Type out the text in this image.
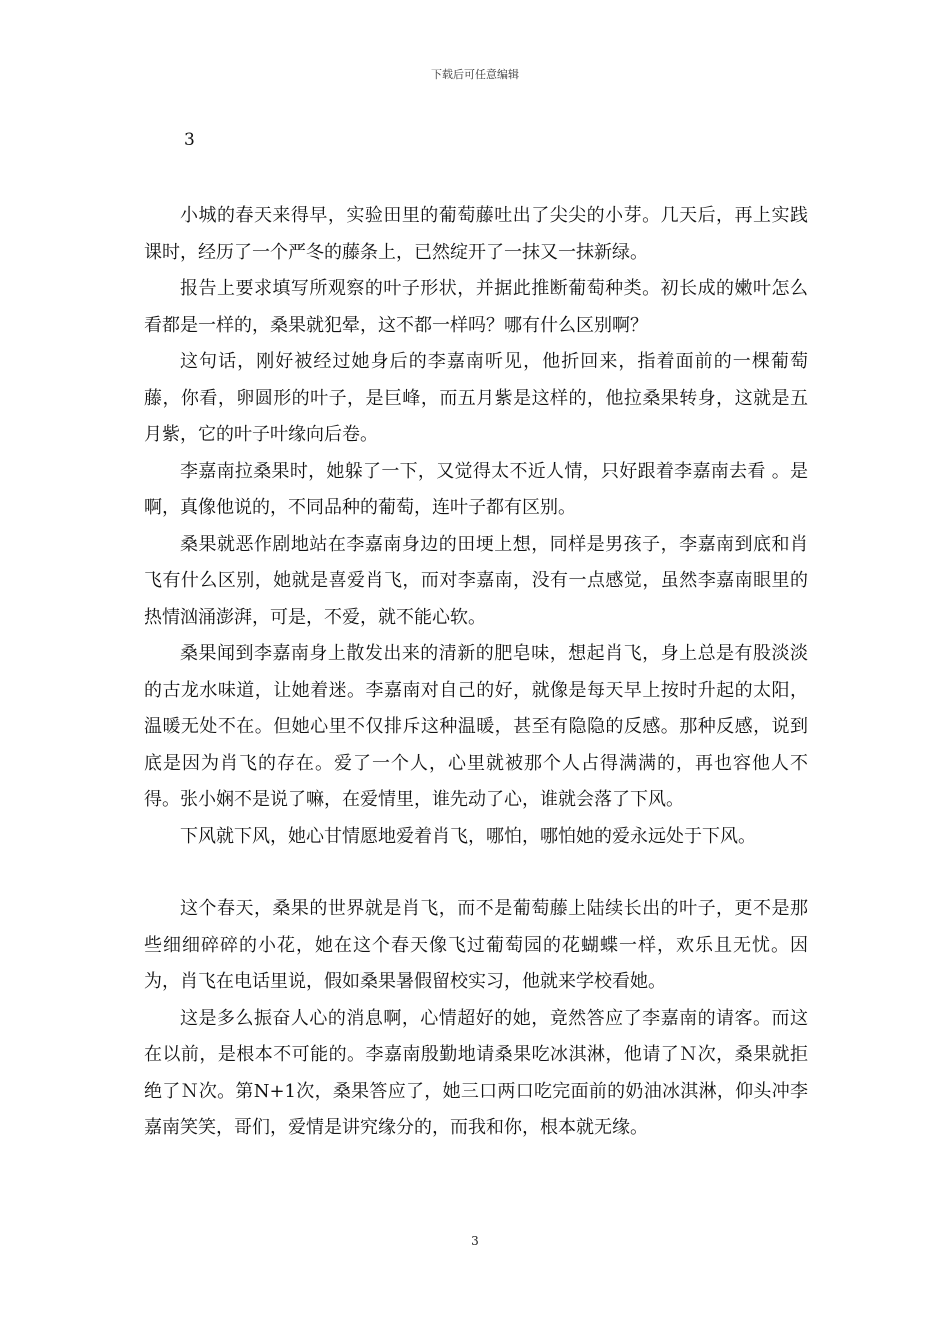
下载后可任意编辑
3

小城的春天来得早，实验田里的葡萄藤吐出了尖尖的小芽。几天后，再上实践课时，经历了一个严冬的藤条上，已然绽开了一抹又一抹新绿。

报告上要求填写所观察的叶子形状，并据此推断葡萄种类。初长成的嫩叶怎么看都是一样的，桑果就犯晕，这不都一样吗？哪有什么区别啊？

这句话，刚好被经过她身后的李嘉南听见，他折回来，指着面前的一棵葡萄藤，你看，卵圆形的叶子，是巨峰，而五月紫是这样的，他拉桑果转身，这就是五月紫，它的叶子叶缘向后卷。

李嘉南拉桑果时，她躲了一下，又觉得太不近人情，只好跟着李嘉南去看 。是啊，真像他说的，不同品种的葡萄，连叶子都有区别。

桑果就恶作剧地站在李嘉南身边的田埂上想，同样是男孩子，李嘉南到底和肖飞有什么区别，她就是喜爱肖飞，而对李嘉南，没有一点感觉，虽然李嘉南眼里的热情汹涌澎湃，可是，不爱，就不能心软。

桑果闻到李嘉南身上散发出来的清新的肥皂味，想起肖飞，身上总是有股淡淡的古龙水味道，让她着迷。李嘉南对自己的好，就像是每天早上按时升起的太阳，温暖无处不在。但她心里不仅排斥这种温暖，甚至有隐隐的反感。那种反感，说到底是因为肖飞的存在。爱了一个人，心里就被那个人占得满满的，再也容他人不得。张小娴不是说了嘛，在爱情里，谁先动了心，谁就会落了下风。

下风就下风，她心甘情愿地爱着肖飞，哪怕，哪怕她的爱永远处于下风。

这个春天，桑果的世界就是肖飞，而不是葡萄藤上陆续长出的叶子，更不是那些细细碎碎的小花，她在这个春天像飞过葡萄园的花蝴蝶一样，欢乐且无忧。因为，肖飞在电话里说，假如桑果暑假留校实习，他就来学校看她。

这是多么振奋人心的消息啊，心情超好的她，竟然答应了李嘉南的请客。而这在以前，是根本不可能的。李嘉南殷勤地请桑果吃冰淇淋，他请了Ｎ次，桑果就拒绝了Ｎ次。第N+1次，桑果答应了，她三口两口吃完面前的奶油冰淇淋，仰头冲李嘉南笑笑，哥们，爱情是讲究缘分的，而我和你，根本就无缘。

3
